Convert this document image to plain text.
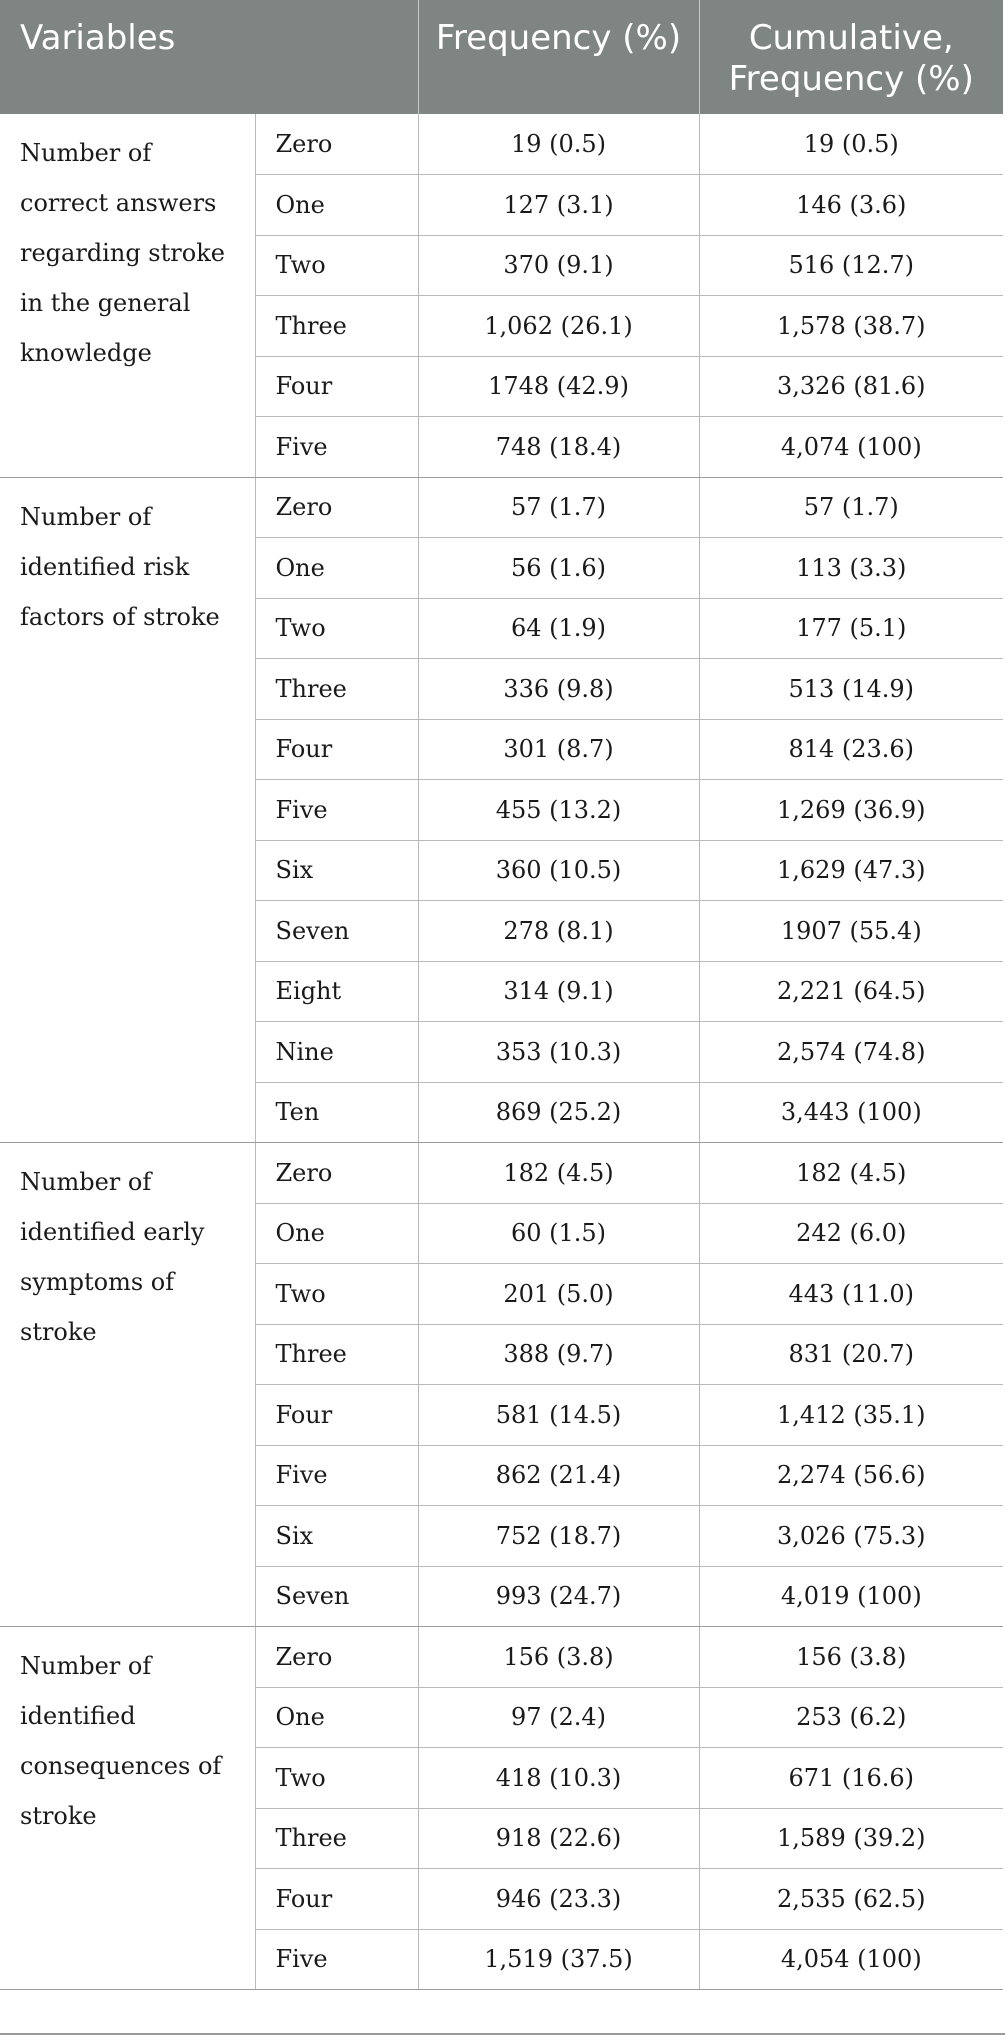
Variables		Frequency (%)	Cumulative, Frequency (%)
Number of correct answers regarding stroke in the general knowledge	Zero	19 (0.5)	19 (0.5)
	One	127 (3.1)	146 (3.6)
	Two	370 (9.1)	516 (12.7)
	Three	1,062 (26.1)	1,578 (38.7)
	Four	1748 (42.9)	3,326 (81.6)
	Five	748 (18.4)	4,074 (100)
Number of identified risk factors of stroke	Zero	57 (1.7)	57 (1.7)
	One	56 (1.6)	113 (3.3)
	Two	64 (1.9)	177 (5.1)
	Three	336 (9.8)	513 (14.9)
	Four	301 (8.7)	814 (23.6)
	Five	455 (13.2)	1,269 (36.9)
	Six	360 (10.5)	1,629 (47.3)
	Seven	278 (8.1)	1907 (55.4)
	Eight	314 (9.1)	2,221 (64.5)
	Nine	353 (10.3)	2,574 (74.8)
	Ten	869 (25.2)	3,443 (100)
Number of identified early symptoms of stroke	Zero	182 (4.5)	182 (4.5)
	One	60 (1.5)	242 (6.0)
	Two	201 (5.0)	443 (11.0)
	Three	388 (9.7)	831 (20.7)
	Four	581 (14.5)	1,412 (35.1)
	Five	862 (21.4)	2,274 (56.6)
	Six	752 (18.7)	3,026 (75.3)
	Seven	993 (24.7)	4,019 (100)
Number of identified consequences of stroke	Zero	156 (3.8)	156 (3.8)
	One	97 (2.4)	253 (6.2)
	Two	418 (10.3)	671 (16.6)
	Three	918 (22.6)	1,589 (39.2)
	Four	946 (23.3)	2,535 (62.5)
	Five	1,519 (37.5)	4,054 (100)
